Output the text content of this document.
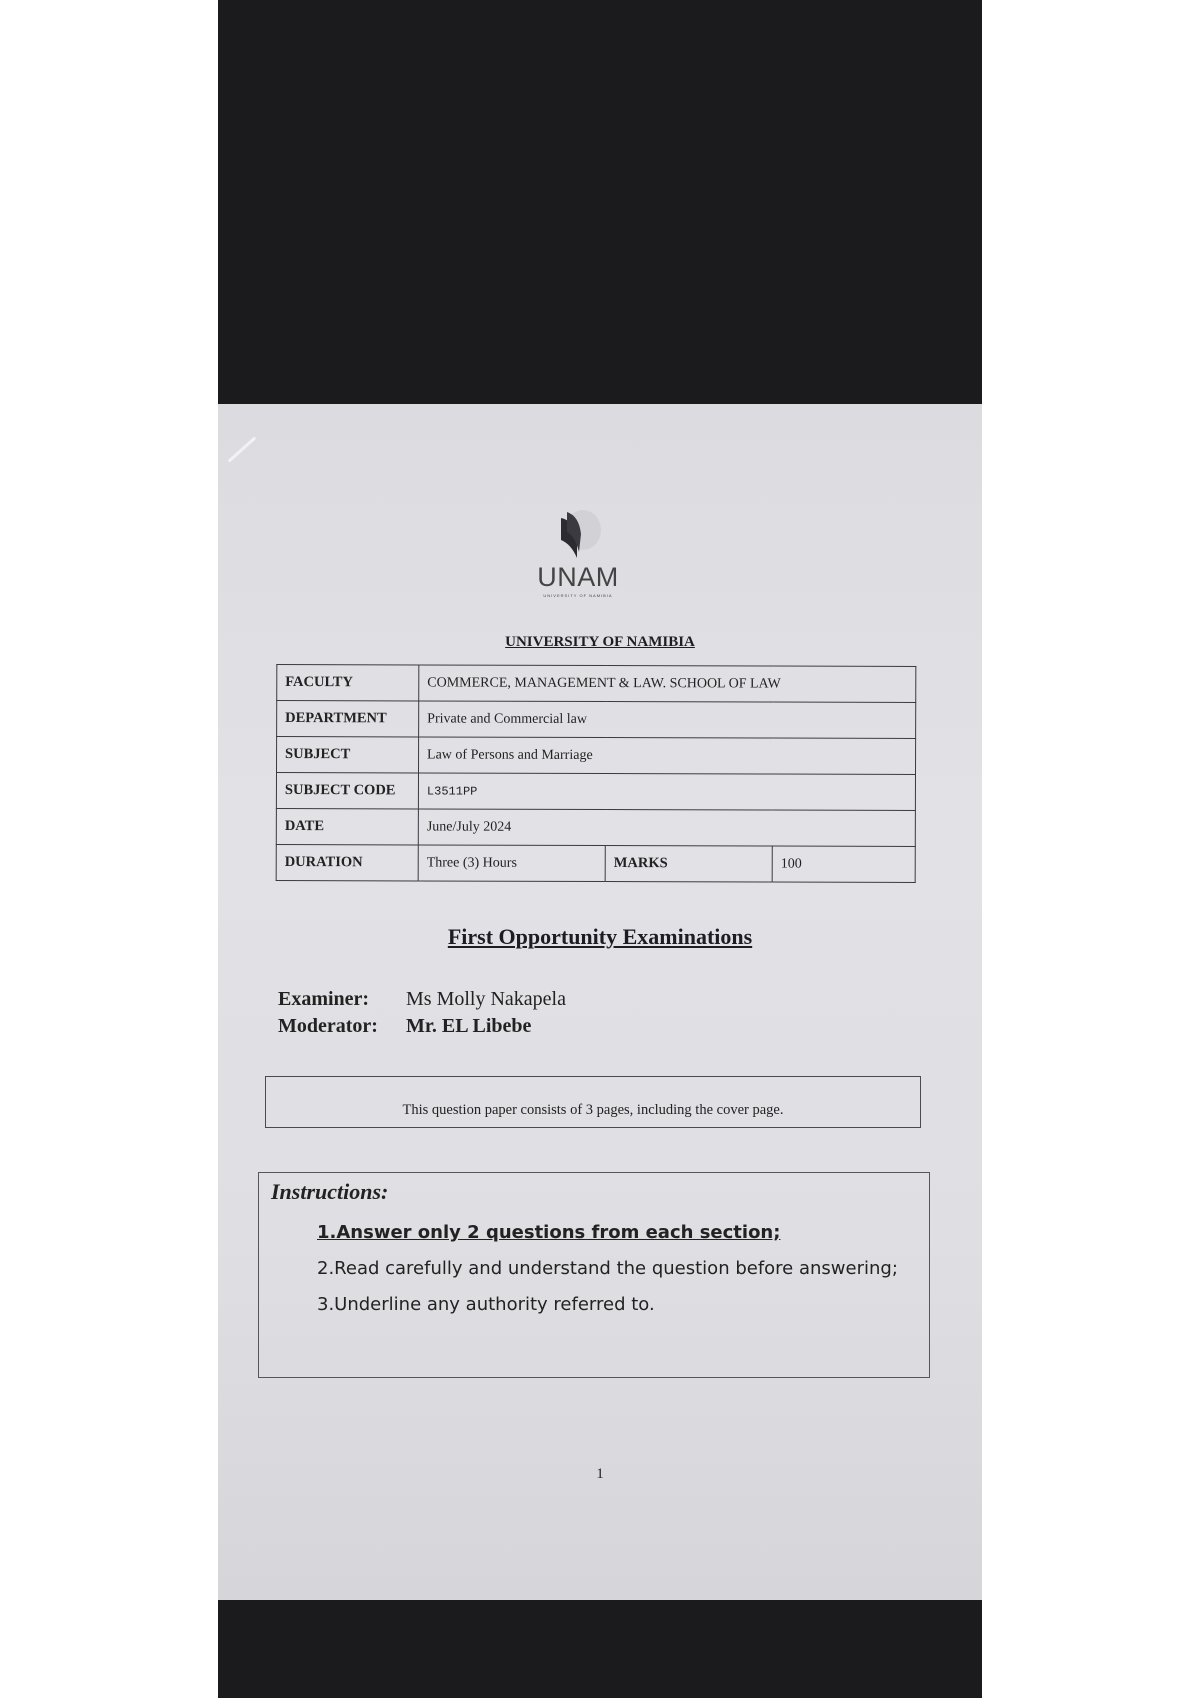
UNAM
UNIVERSITY OF NAMIBIA
UNIVERSITY OF NAMIBIA
FACULTY	COMMERCE, MANAGEMENT & LAW. SCHOOL OF LAW		
DEPARTMENT	Private and Commercial law		
SUBJECT	Law of Persons and Marriage		
SUBJECT CODE	L3511PP		
DATE	June/July 2024		
DURATION	Three (3) Hours	MARKS	100
First Opportunity Examinations
Examiner: Ms Molly Nakapela
Moderator: Mr. EL Libebe
This question paper consists of 3 pages, including the cover page.
Instructions:
1.Answer only 2 questions from each section;
2.Read carefully and understand the question before answering;
3.Underline any authority referred to.
1
